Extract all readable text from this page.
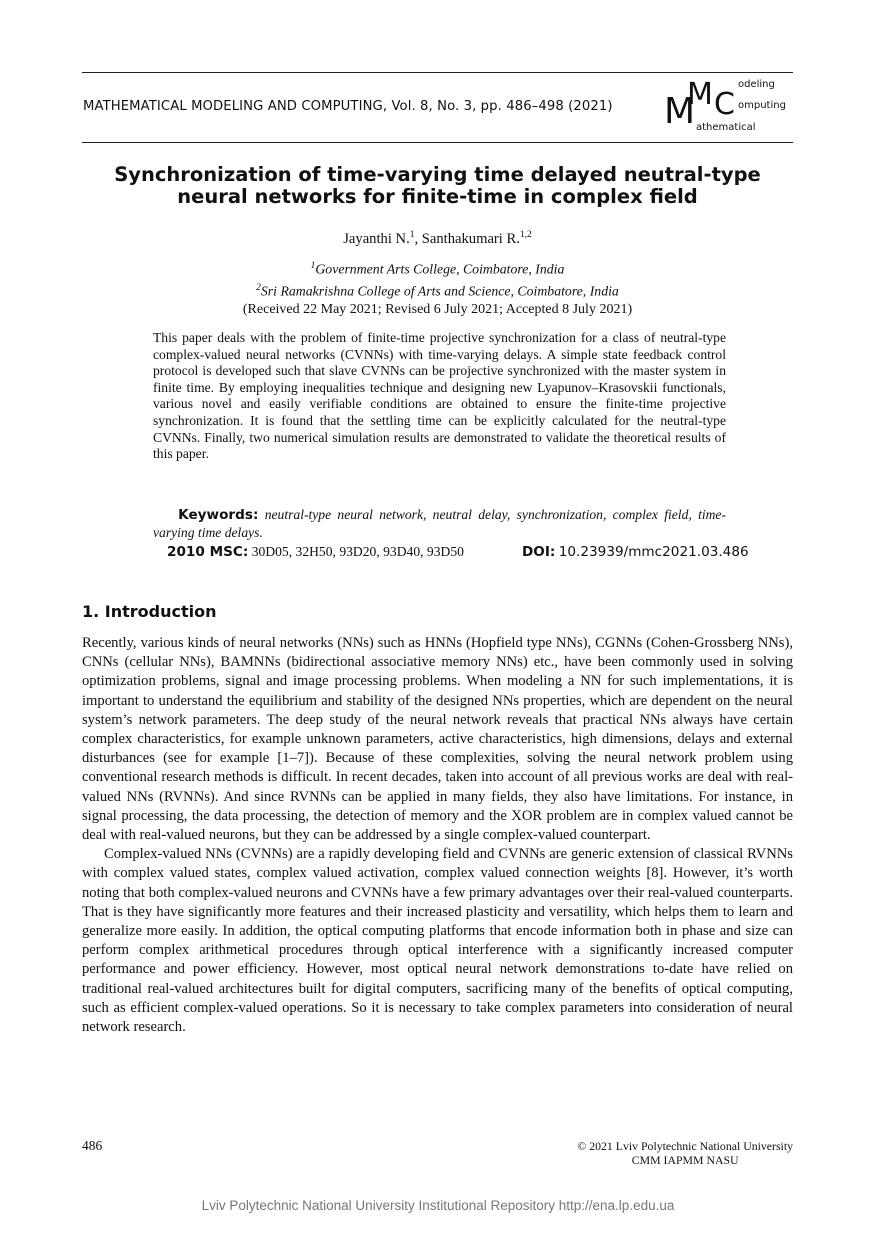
MATHEMATICAL MODELING AND COMPUTING, Vol. 8, No. 3, pp. 486–498 (2021) M
M C
odeling
omputing
athematical
Synchronization of time-varying time delayed neutral-type neural networks for finite-time in complex field
Jayanthi N.$^1$, Santhakumari R.$^{1,2}$
$^1$Government Arts College, Coimbatore, India
$^2$Sri Ramakrishna College of Arts and Science, Coimbatore, India
(Received 22 May 2021; Revised 6 July 2021; Accepted 8 July 2021)
This paper deals with the problem of finite-time projective synchronization for a class of neutral-type complex-valued neural networks (CVNNs) with time-varying delays. A simple state feedback control protocol is developed such that slave CVNNs can be projective synchronized with the master system in finite time. By employing inequalities technique and designing new Lyapunov–Krasovskii functionals, various novel and easily verifiable conditions are obtained to ensure the finite-time projective synchronization. It is found that the settling time can be explicitly calculated for the neutral-type CVNNs. Finally, two numerical simulation results are demonstrated to validate the theoretical results of this paper.
Keywords: neutral-type neural network, neutral delay, synchronization, complex field, time-varying time delays.
2010 MSC: 30D05, 32H50, 93D20, 93D40, 93D50	DOI: 10.23939/mmc2021.03.486
1. Introduction

Recently, various kinds of neural networks (NNs) such as HNNs (Hopfield type NNs), CGNNs (Cohen-Grossberg NNs), CNNs (cellular NNs), BAMNNs (bidirectional associative memory NNs) etc., have been commonly used in solving optimization problems, signal and image processing problems. When modeling a NN for such implementations, it is important to understand the equilibrium and stability of the designed NNs properties, which are dependent on the neural system’s network parameters. The deep study of the neural network reveals that practical NNs always have certain complex characteristics, for example unknown parameters, active characteristics, high dimensions, delays and external disturbances (see for example [1–7]). Because of these complexities, solving the neural network problem using conventional research methods is difficult. In recent decades, taken into account of all previous works are deal with real-valued NNs (RVNNs). And since RVNNs can be applied in many fields, they also have limitations. For instance, in signal processing, the data processing, the detection of memory and the XOR problem are in complex valued cannot be deal with real-valued neurons, but they can be addressed by a single complex-valued counterpart.

Complex-valued NNs (CVNNs) are a rapidly developing field and CVNNs are generic extension of classical RVNNs with complex valued states, complex valued activation, complex valued connection weights [8]. However, it’s worth noting that both complex-valued neurons and CVNNs have a few primary advantages over their real-valued counterparts. That is they have significantly more features and their increased plasticity and versatility, which helps them to learn and generalize more easily. In addition, the optical computing platforms that encode information both in phase and size can perform complex arithmetical procedures through optical interference with a significantly increased computer performance and power efficiency. However, most optical neural network demonstrations to-date have relied on traditional real-valued architectures built for digital computers, sacrificing many of the benefits of optical computing, such as efficient complex-valued operations. So it is necessary to take complex parameters into consideration of neural network research.

486	© 2021 Lviv Polytechnic National University
CMM IAPMM NASU
Lviv Polytechnic National University Institutional Repository http://ena.lp.edu.ua
